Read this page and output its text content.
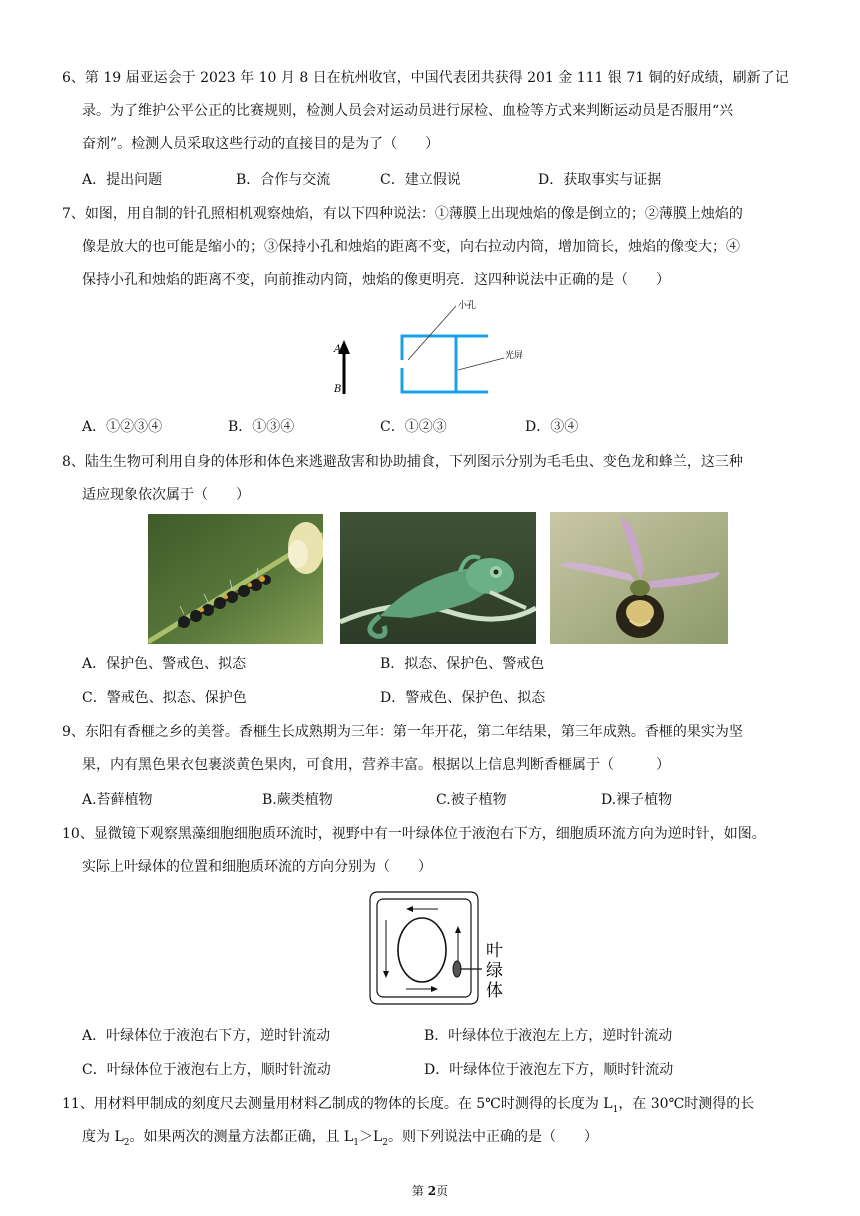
6、第 19 届亚运会于 2023 年 10 月 8 日在杭州收官，中国代表团共获得 201 金 111 银 71 铜的好成绩，刷新了记
录。为了维护公平公正的比赛规则，检测人员会对运动员进行尿检、血检等方式来判断运动员是否服用“兴
奋剂”。检测人员采取这些行动的直接目的是为了（　　）
A．提出问题	B．合作与交流	C．建立假说	D．获取事实与证据
7、如图，用自制的针孔照相机观察烛焰，有以下四种说法：①薄膜上出现烛焰的像是倒立的；②薄膜上烛焰的
像是放大的也可能是缩小的；③保持小孔和烛焰的距离不变，向右拉动内筒，增加筒长，烛焰的像变大；④
保持小孔和烛焰的距离不变，向前推动内筒，烛焰的像更明亮．这四种说法中正确的是（　　）
A
B
小孔
光屏
A．①②③④	B．①③④	C．①②③	D．③④
8、陆生生物可利用自身的体形和体色来逃避敌害和协助捕食，下列图示分别为毛毛虫、变色龙和蜂兰，这三种
适应现象依次属于（　　）
A．保护色、警戒色、拟态	B．拟态、保护色、警戒色
C．警戒色、拟态、保护色	D．警戒色、保护色、拟态
9、东阳有香榧之乡的美誉。香榧生长成熟期为三年：第一年开花，第二年结果，第三年成熟。香榧的果实为坚
果，内有黑色果衣包裹淡黄色果肉，可食用，营养丰富。根据以上信息判断香榧属于（　　　）
A.苔藓植物	B.蕨类植物	C.被子植物	D.裸子植物
10、显微镜下观察黑藻细胞细胞质环流时，视野中有一叶绿体位于液泡右下方，细胞质环流方向为逆时针，如图。
实际上叶绿体的位置和细胞质环流的方向分别为（　　）
叶
绿
体
A．叶绿体位于液泡右下方，逆时针流动	B．叶绿体位于液泡左上方，逆时针流动
C．叶绿体位于液泡右上方，顺时针流动	D．叶绿体位于液泡左下方，顺时针流动
11、用材料甲制成的刻度尺去测量用材料乙制成的物体的长度。在 5℃时测得的长度为 $L_1$，在 30℃时测得的长
度为 $L_2$。如果两次的测量方法都正确，且 $L_1>L_2$。则下列说法中正确的是（　　）
第 2页
